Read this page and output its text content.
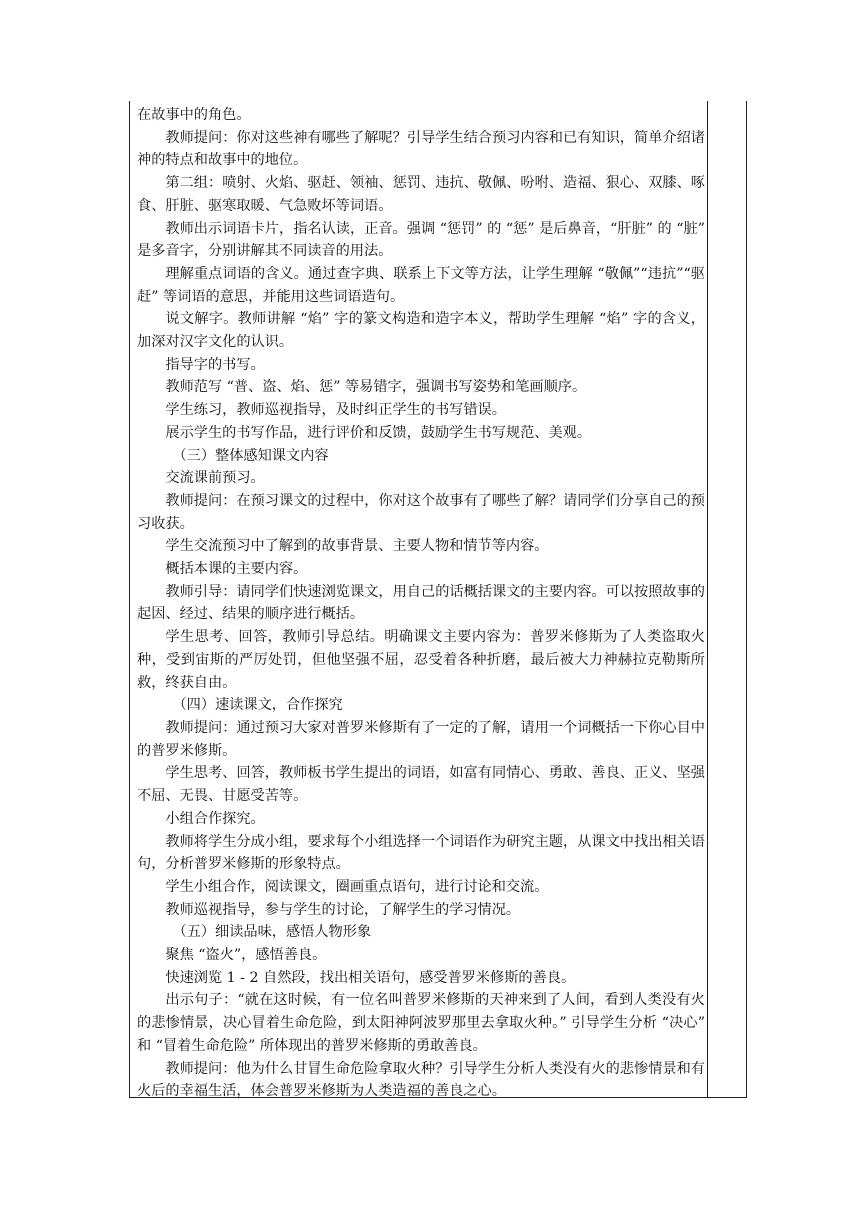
在故事中的角色。

教师提问：你对这些神有哪些了解呢？引导学生结合预习内容和已有知识，简单介绍诸神的特点和故事中的地位。

第二组：喷射、火焰、驱赶、领袖、惩罚、违抗、敬佩、吩咐、造福、狠心、双膝、啄食、肝脏、驱寒取暖、气急败坏等词语。

教师出示词语卡片，指名认读，正音。强调 “惩罚” 的 “惩” 是后鼻音，“肝脏” 的 “脏” 是多音字，分别讲解其不同读音的用法。

理解重点词语的含义。通过查字典、联系上下文等方法，让学生理解 “敬佩”“违抗”“驱赶” 等词语的意思，并能用这些词语造句。

说文解字。教师讲解 “焰” 字的篆文构造和造字本义，帮助学生理解 “焰” 字的含义，加深对汉字文化的认识。

指导字的书写。

教师范写 “普、盗、焰、惩” 等易错字，强调书写姿势和笔画顺序。

学生练习，教师巡视指导，及时纠正学生的书写错误。

展示学生的书写作品，进行评价和反馈，鼓励学生书写规范、美观。

（三）整体感知课文内容

交流课前预习。

教师提问：在预习课文的过程中，你对这个故事有了哪些了解？请同学们分享自己的预习收获。

学生交流预习中了解到的故事背景、主要人物和情节等内容。

概括本课的主要内容。

教师引导：请同学们快速浏览课文，用自己的话概括课文的主要内容。可以按照故事的起因、经过、结果的顺序进行概括。

学生思考、回答，教师引导总结。明确课文主要内容为：普罗米修斯为了人类盗取火种，受到宙斯的严厉处罚，但他坚强不屈，忍受着各种折磨，最后被大力神赫拉克勒斯所救，终获自由。

（四）速读课文，合作探究

教师提问：通过预习大家对普罗米修斯有了一定的了解，请用一个词概括一下你心目中的普罗米修斯。

学生思考、回答，教师板书学生提出的词语，如富有同情心、勇敢、善良、正义、坚强不屈、无畏、甘愿受苦等。

小组合作探究。

教师将学生分成小组，要求每个小组选择一个词语作为研究主题，从课文中找出相关语句，分析普罗米修斯的形象特点。

学生小组合作，阅读课文，圈画重点语句，进行讨论和交流。

教师巡视指导，参与学生的讨论，了解学生的学习情况。

（五）细读品味，感悟人物形象

聚焦 “盗火”，感悟善良。

快速浏览 1 - 2 自然段，找出相关语句，感受普罗米修斯的善良。

出示句子：“就在这时候，有一位名叫普罗米修斯的天神来到了人间，看到人类没有火的悲惨情景，决心冒着生命危险，到太阳神阿波罗那里去拿取火种。” 引导学生分析 “决心” 和 “冒着生命危险” 所体现出的普罗米修斯的勇敢善良。

教师提问：他为什么甘冒生命危险拿取火种？引导学生分析人类没有火的悲惨情景和有火后的幸福生活，体会普罗米修斯为人类造福的善良之心。
